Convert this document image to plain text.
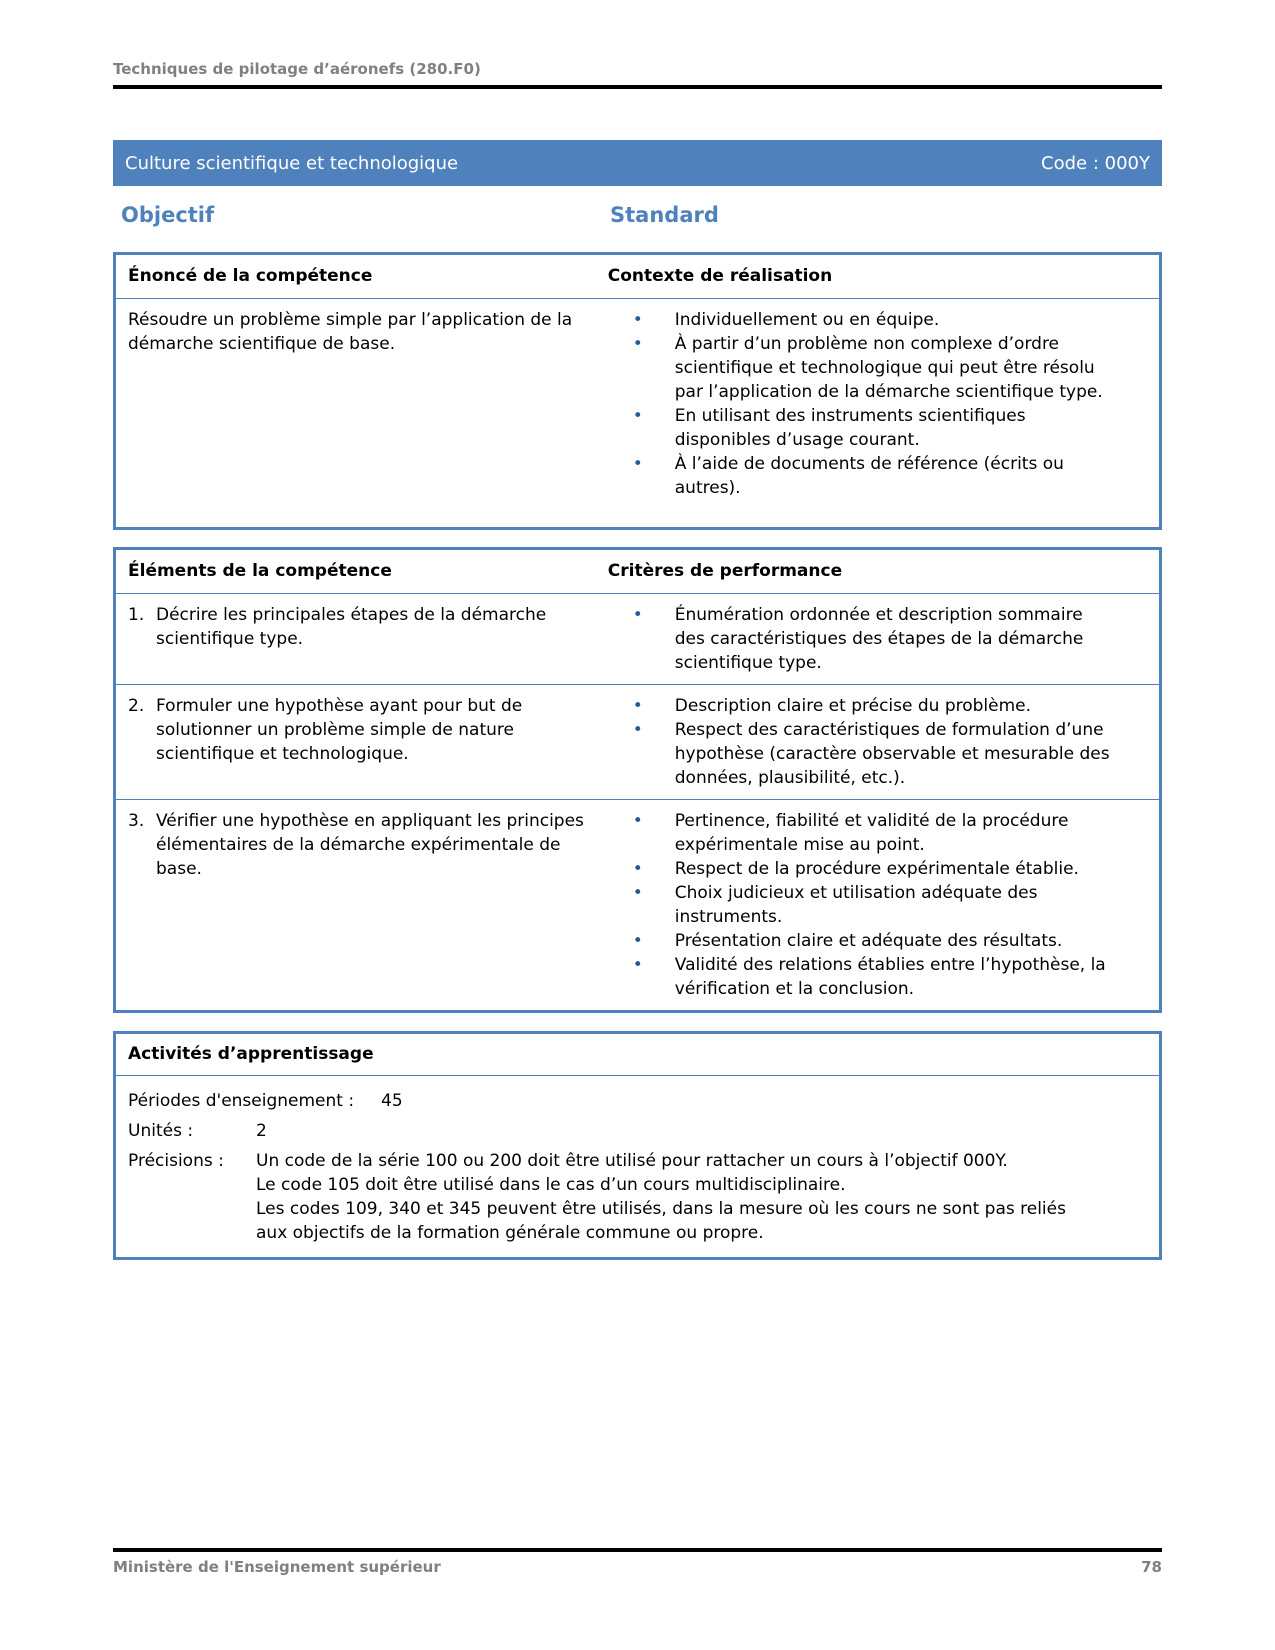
Techniques de pilotage d’aéronefs (280.F0)
Culture scientifique et technologique	Code : 000Y
Objectif	Standard
Énoncé de la compétence	Contexte de réalisation

Résoudre un problème simple par l’application de la démarche scientifique de base.

•	Individuellement ou en équipe.
•	À partir d’un problème non complexe d’ordre scientifique et technologique qui peut être résolu par l’application de la démarche scientifique type.
•	En utilisant des instruments scientifiques disponibles d’usage courant.
•	À l’aide de documents de référence (écrits ou autres).
Éléments de la compétence	Critères de performance
1. Décrire les principales étapes de la démarche scientifique type.
•	Énumération ordonnée et description sommaire des caractéristiques des étapes de la démarche scientifique type.
2. Formuler une hypothèse ayant pour but de solutionner un problème simple de nature scientifique et technologique.
•	Description claire et précise du problème.
•	Respect des caractéristiques de formulation d’une hypothèse (caractère observable et mesurable des données, plausibilité, etc.).
3. Vérifier une hypothèse en appliquant les principes élémentaires de la démarche expérimentale de base.
•	Pertinence, fiabilité et validité de la procédure expérimentale mise au point.
•	Respect de la procédure expérimentale établie.
•	Choix judicieux et utilisation adéquate des instruments.
•	Présentation claire et adéquate des résultats.
•	Validité des relations établies entre l’hypothèse, la vérification et la conclusion.
Activités d’apprentissage
Périodes d'enseignement :	45
Unités :	2
Précisions :	Un code de la série 100 ou 200 doit être utilisé pour rattacher un cours à l’objectif 000Y.

Le code 105 doit être utilisé dans le cas d’un cours multidisciplinaire.

Les codes 109, 340 et 345 peuvent être utilisés, dans la mesure où les cours ne sont pas reliés aux objectifs de la formation générale commune ou propre.

Ministère de l'Enseignement supérieur	78
